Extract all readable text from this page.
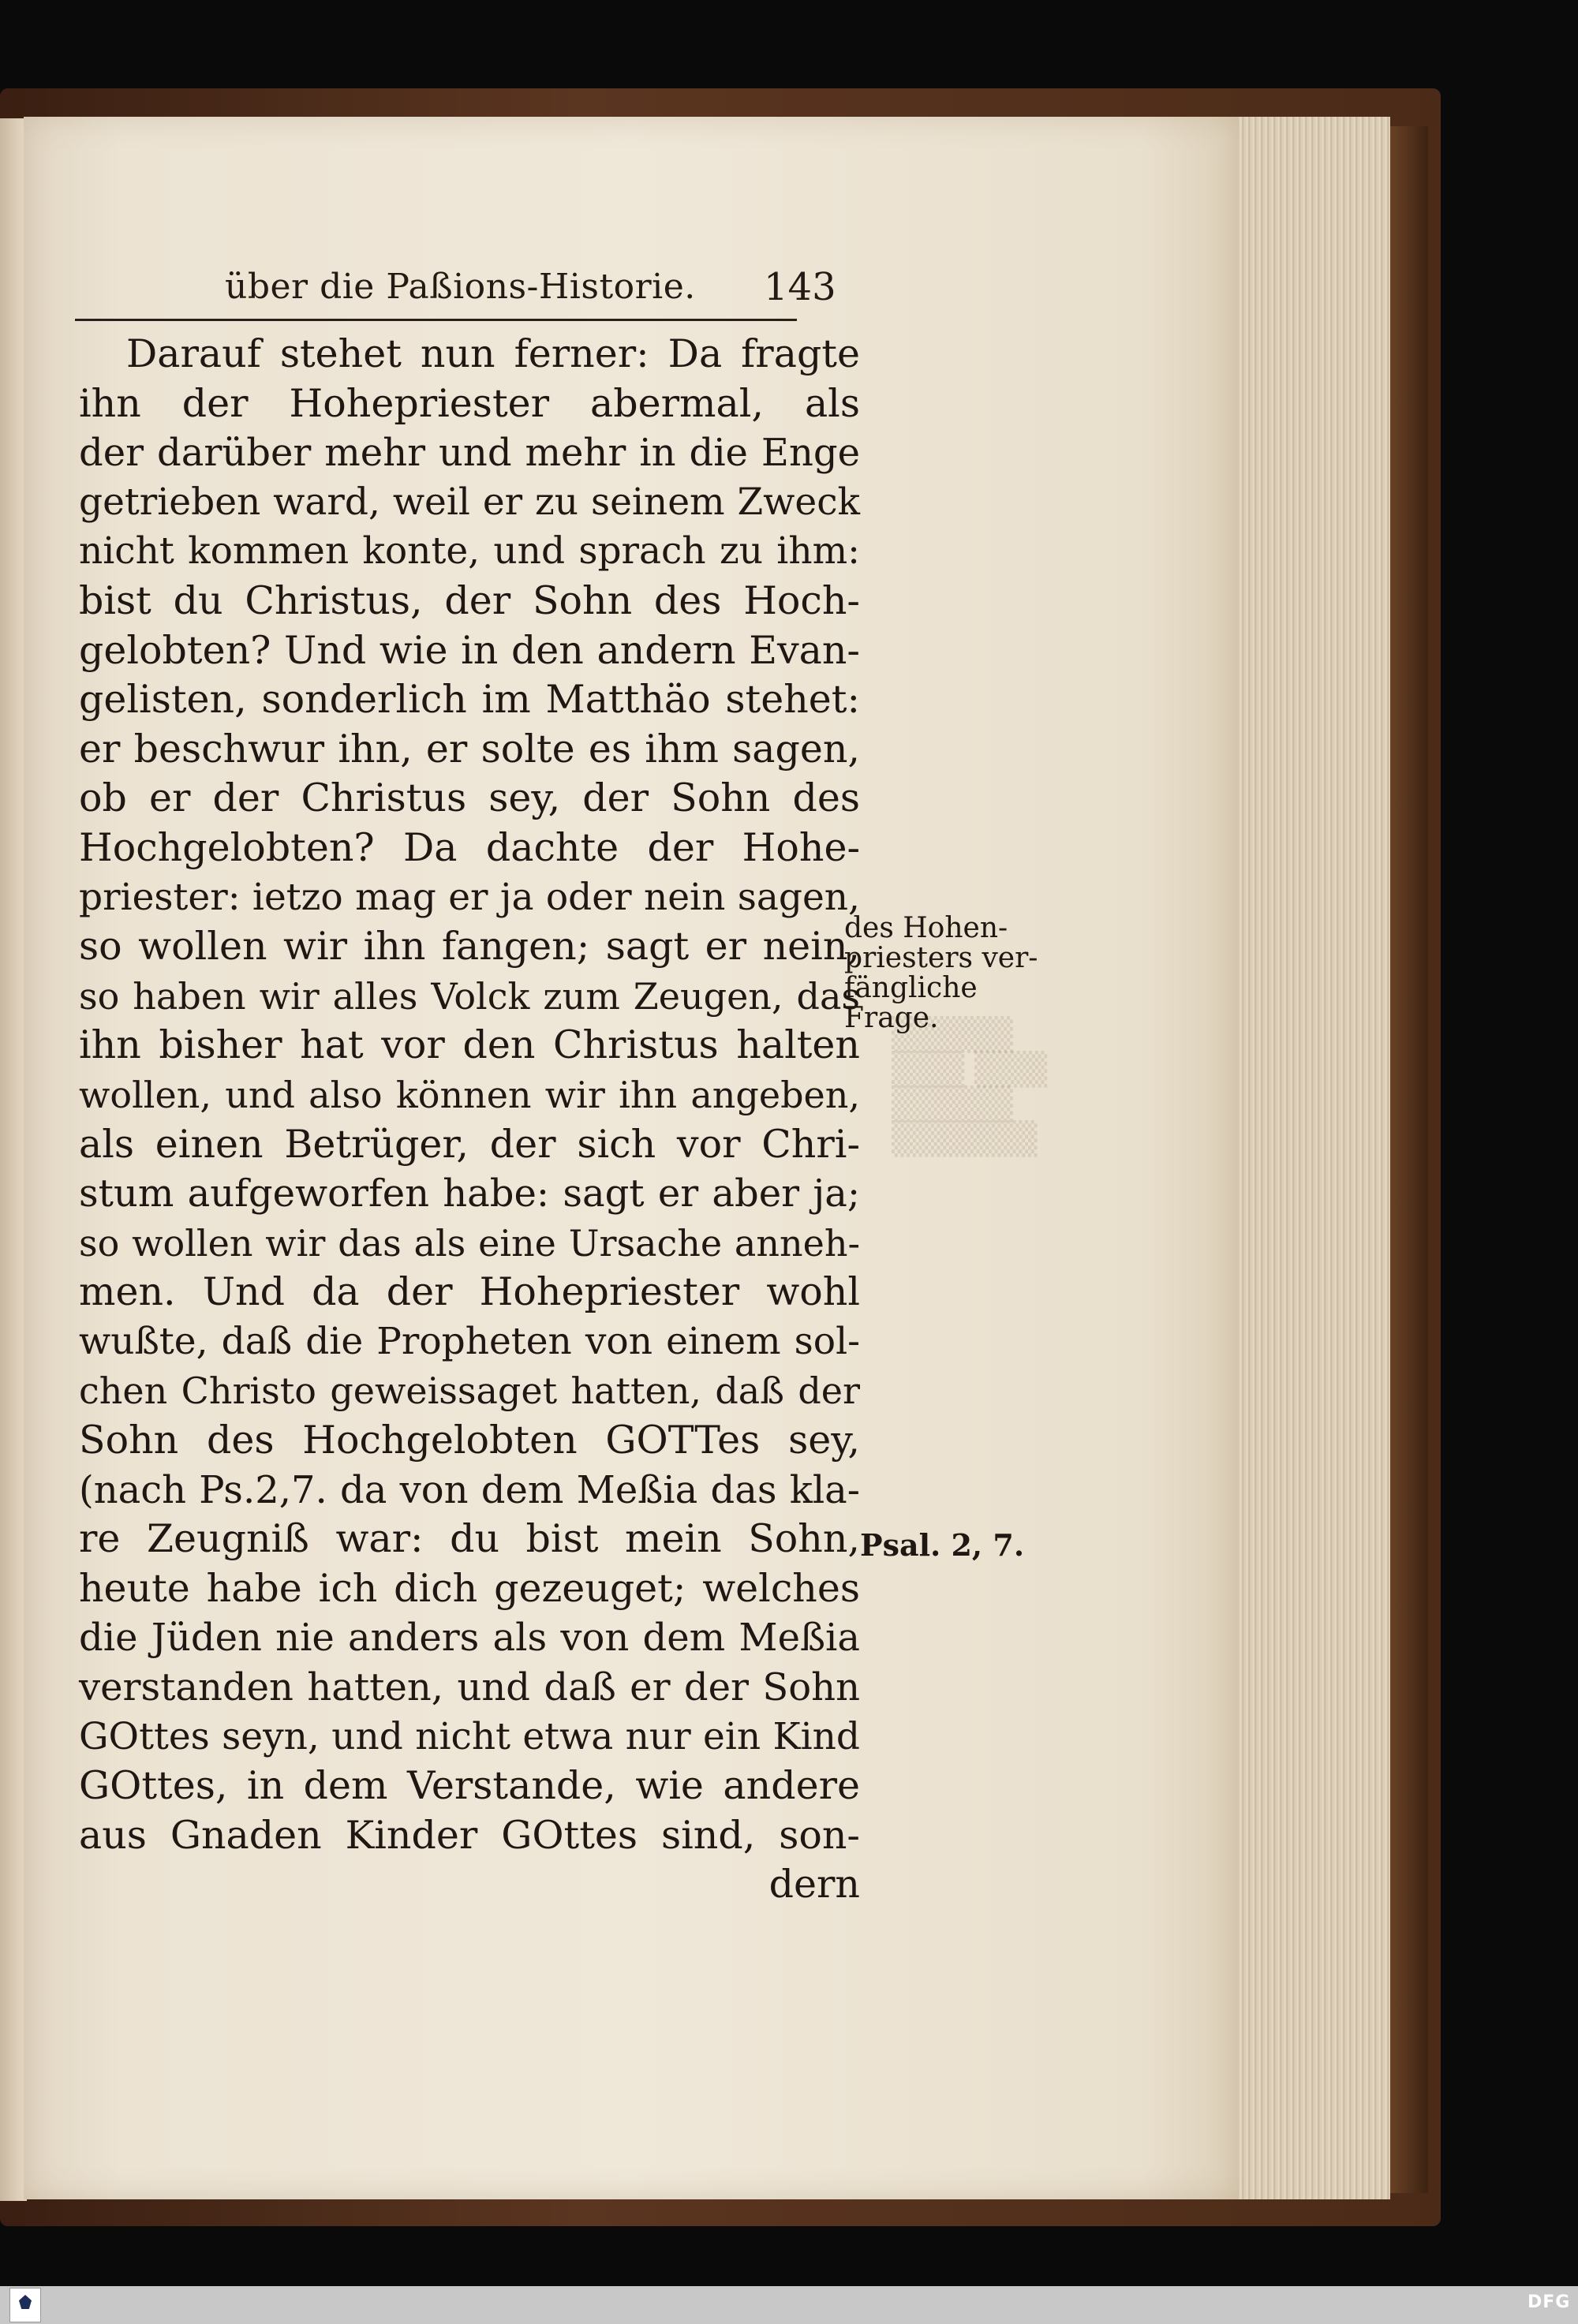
▒▒▒▒▒
▒▒▒ ▒▒▒
▒▒▒▒▒
▒▒▒▒▒▒
über die Paßions-Historie. 143
Darauf stehet nun ferner: Da fragte
ihn der Hohepriester abermal, als
der darüber mehr und mehr in die Enge
getrieben ward, weil er zu seinem Zweck
nicht kommen konte, und sprach zu ihm:
bist du Christus, der Sohn des Hoch-
gelobten? Und wie in den andern Evan-
gelisten, sonderlich im Matthäo stehet:
er beschwur ihn, er solte es ihm sagen,
ob er der Christus sey, der Sohn des
Hochgelobten? Da dachte der Hohe-
priester: ietzo mag er ja oder nein sagen,
so wollen wir ihn fangen; sagt er nein,
so haben wir alles Volck zum Zeugen, das
ihn bisher hat vor den Christus halten
wollen, und also können wir ihn angeben,
als einen Betrüger, der sich vor Chri-
stum aufgeworfen habe: sagt er aber ja;
so wollen wir das als eine Ursache anneh-
men. Und da der Hohepriester wohl
wußte, daß die Propheten von einem sol-
chen Christo geweissaget hatten, daß der
Sohn des Hochgelobten GOTTes sey,
(nach Ps.2,7. da von dem Meßia das kla-
re Zeugniß war: du bist mein Sohn,
heute habe ich dich gezeuget; welches
die Jüden nie anders als von dem Meßia
verstanden hatten, und daß er der Sohn
GOttes seyn, und nicht etwa nur ein Kind
GOttes, in dem Verstande, wie andere
aus Gnaden Kinder GOttes sind, son-
dern
des Hohen-
priesters ver-
fängliche
Frage.
Psal. 2, 7.
DFG
